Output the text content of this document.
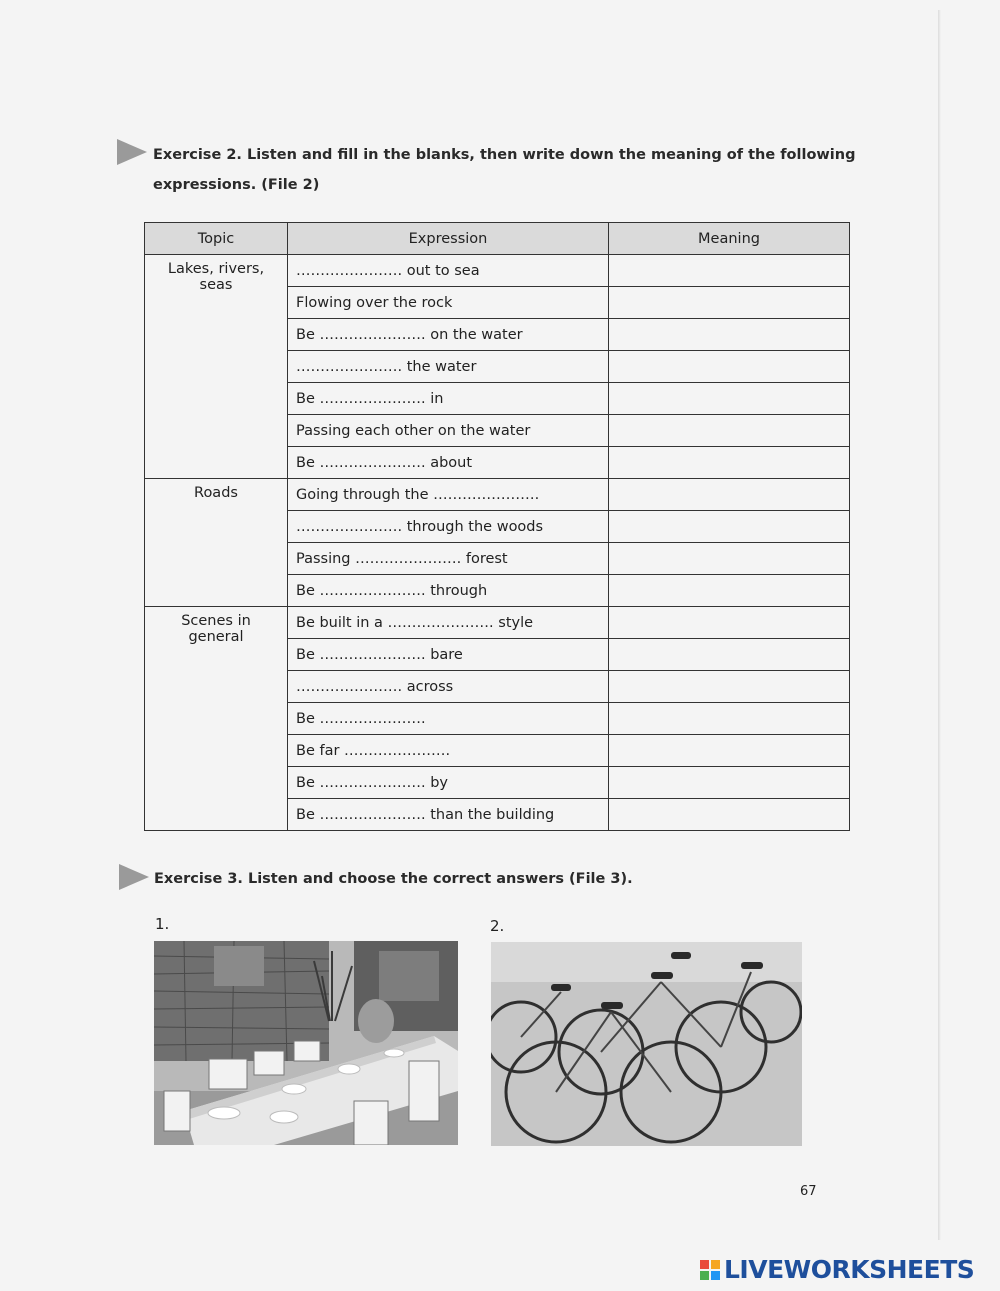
Exercise 2. Listen and fill in the blanks, then write down the meaning of the following
expressions. (File 2)
Topic	Expression	Meaning
Lakes, rivers, seas	…………………. out to sea	
	Flowing over the rock	
	Be …………………. on the water	
	…………………. the water	
	Be …………………. in	
	Passing each other on the water	
	Be …………………. about	
Roads	Going through the ………………….	
	…………………. through the woods	
	Passing …………………. forest	
	Be …………………. through	
Scenes in general	Be built in a …………………. style	
	Be …………………. bare	
	…………………. across	
	Be ………………….	
	Be far ………………….	
	Be …………………. by	
	Be …………………. than the building	
Exercise 3. Listen and choose the correct answers (File 3).
1.	2.
67
LIVEWORKSHEETS
